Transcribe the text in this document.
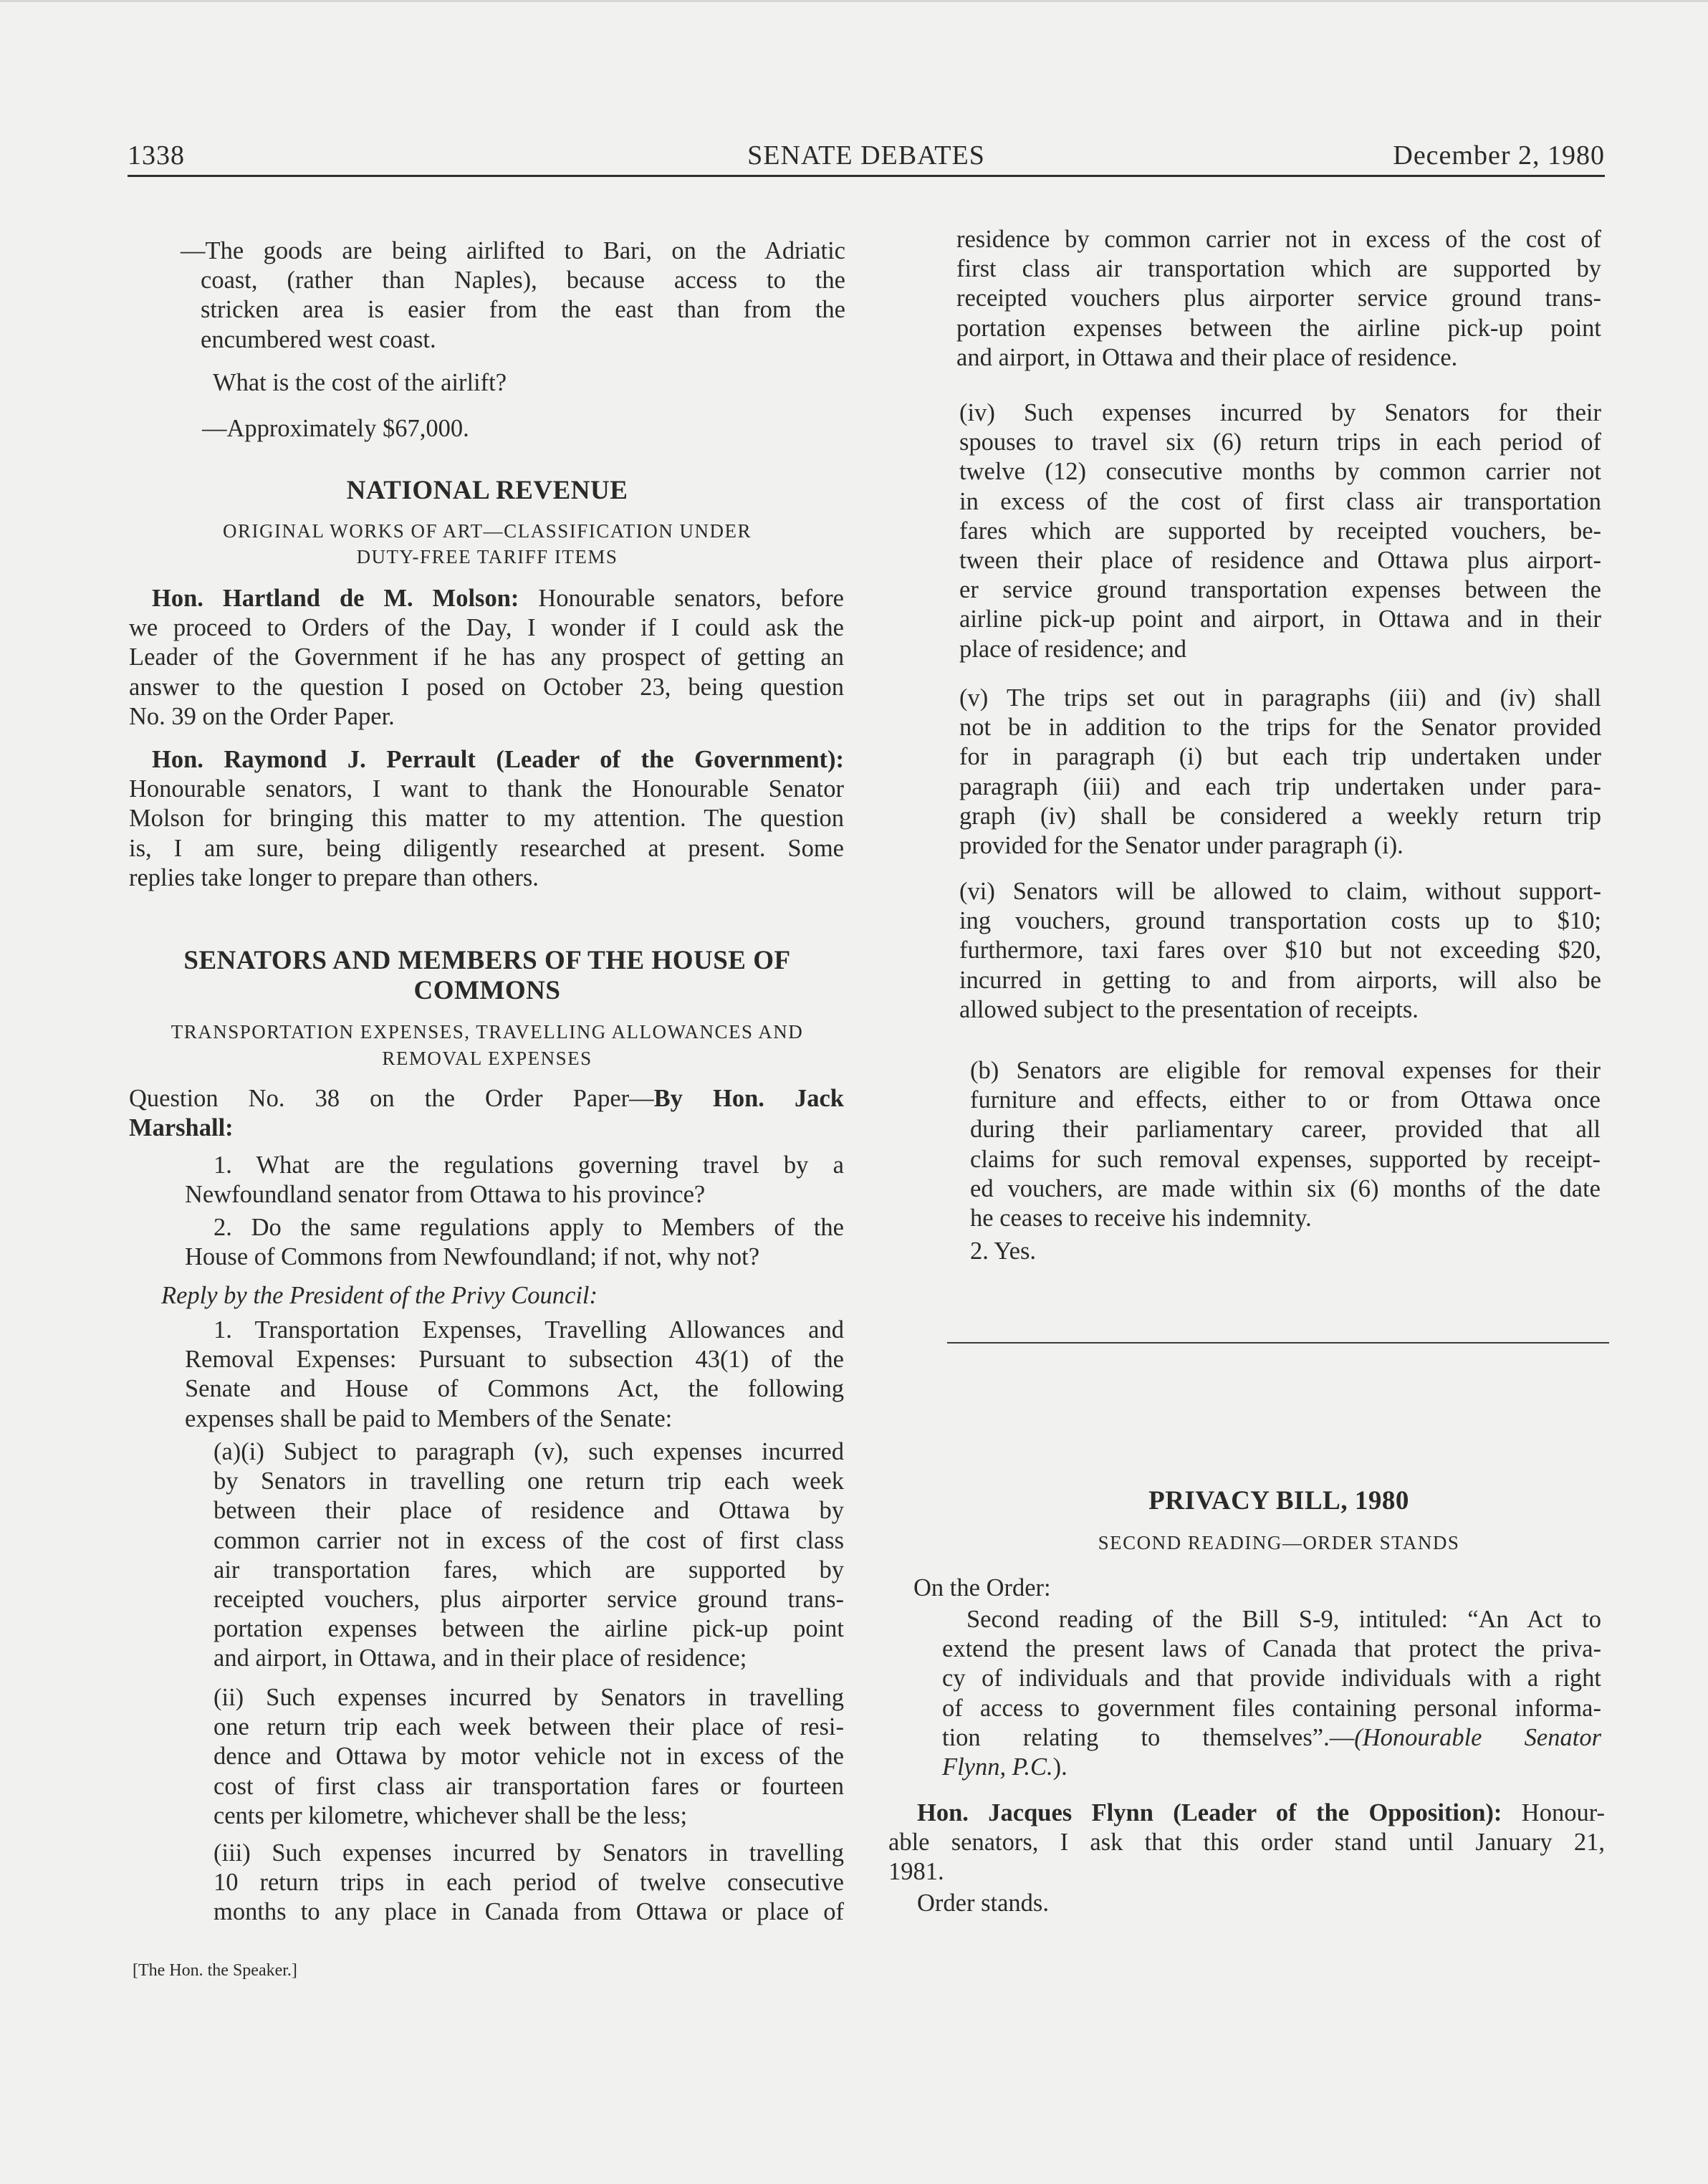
1338	SENATE DEBATES	December 2, 1980
—The goods are being airlifted to Bari, on the Adriatic
coast, (rather than Naples), because access to the
stricken area is easier from the east than from the
encumbered west coast.
What is the cost of the airlift?
—Approximately $67,000.

NATIONAL REVENUE

ORIGINAL WORKS OF ART—CLASSIFICATION UNDER

DUTY-FREE TARIFF ITEMS

Hon. Hartland de M. Molson: Honourable senators, before
we proceed to Orders of the Day, I wonder if I could ask the
Leader of the Government if he has any prospect of getting an
answer to the question I posed on October 23, being question
No. 39 on the Order Paper.
Hon. Raymond J. Perrault (Leader of the Government):
Honourable senators, I want to thank the Honourable Senator
Molson for bringing this matter to my attention. The question
is, I am sure, being diligently researched at present. Some
replies take longer to prepare than others.

SENATORS AND MEMBERS OF THE HOUSE OF

COMMONS

TRANSPORTATION EXPENSES, TRAVELLING ALLOWANCES AND

REMOVAL EXPENSES

Question No. 38 on the Order Paper—By Hon. Jack
Marshall:
1. What are the regulations governing travel by a
Newfoundland senator from Ottawa to his province?
2. Do the same regulations apply to Members of the
House of Commons from Newfoundland; if not, why not?
Reply by the President of the Privy Council:
1. Transportation Expenses, Travelling Allowances and
Removal Expenses: Pursuant to subsection 43(1) of the
Senate and House of Commons Act, the following
expenses shall be paid to Members of the Senate:
(a)(i) Subject to paragraph (v), such expenses incurred
by Senators in travelling one return trip each week
between their place of residence and Ottawa by
common carrier not in excess of the cost of first class
air transportation fares, which are supported by
receipted vouchers, plus airporter service ground trans-
portation expenses between the airline pick-up point
and airport, in Ottawa, and in their place of residence;
(ii) Such expenses incurred by Senators in travelling
one return trip each week between their place of resi-
dence and Ottawa by motor vehicle not in excess of the
cost of first class air transportation fares or fourteen
cents per kilometre, whichever shall be the less;
(iii) Such expenses incurred by Senators in travelling
10 return trips in each period of twelve consecutive
months to any place in Canada from Ottawa or place of
[The Hon. the Speaker.]
residence by common carrier not in excess of the cost of
first class air transportation which are supported by
receipted vouchers plus airporter service ground trans-
portation expenses between the airline pick-up point
and airport, in Ottawa and their place of residence.
(iv) Such expenses incurred by Senators for their
spouses to travel six (6) return trips in each period of
twelve (12) consecutive months by common carrier not
in excess of the cost of first class air transportation
fares which are supported by receipted vouchers, be-
tween their place of residence and Ottawa plus airport-
er service ground transportation expenses between the
airline pick-up point and airport, in Ottawa and in their
place of residence; and
(v) The trips set out in paragraphs (iii) and (iv) shall
not be in addition to the trips for the Senator provided
for in paragraph (i) but each trip undertaken under
paragraph (iii) and each trip undertaken under para-
graph (iv) shall be considered a weekly return trip
provided for the Senator under paragraph (i).
(vi) Senators will be allowed to claim, without support-
ing vouchers, ground transportation costs up to $10;
furthermore, taxi fares over $10 but not exceeding $20,
incurred in getting to and from airports, will also be
allowed subject to the presentation of receipts.
(b) Senators are eligible for removal expenses for their
furniture and effects, either to or from Ottawa once
during their parliamentary career, provided that all
claims for such removal expenses, supported by receipt-
ed vouchers, are made within six (6) months of the date
he ceases to receive his indemnity.
2. Yes.

PRIVACY BILL, 1980

SECOND READING—ORDER STANDS

On the Order:
Second reading of the Bill S-9, intituled: “An Act to
extend the present laws of Canada that protect the priva-
cy of individuals and that provide individuals with a right
of access to government files containing personal informa-
tion relating to themselves”.—(Honourable Senator
Flynn, P.C.).
Hon. Jacques Flynn (Leader of the Opposition): Honour-
able senators, I ask that this order stand until January 21,
1981.
Order stands.
